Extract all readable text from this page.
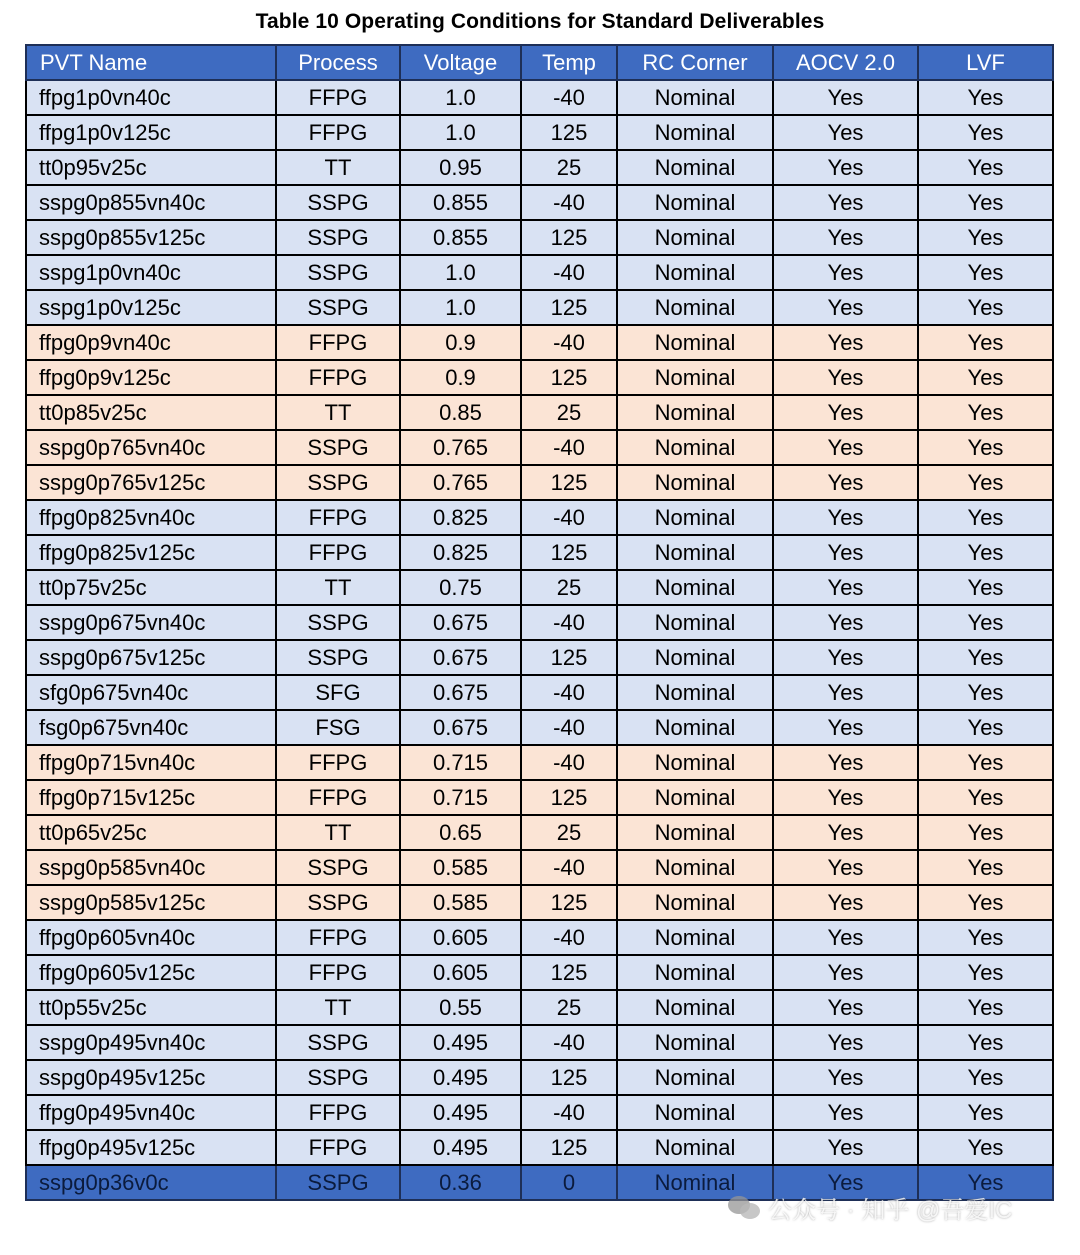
Table 10 Operating Conditions for Standard Deliverables
PVT Name	Process	Voltage	Temp	RC Corner	AOCV 2.0	LVF
ffpg1p0vn40c	FFPG	1.0	-40	Nominal	Yes	Yes
ffpg1p0v125c	FFPG	1.0	125	Nominal	Yes	Yes
tt0p95v25c	TT	0.95	25	Nominal	Yes	Yes
sspg0p855vn40c	SSPG	0.855	-40	Nominal	Yes	Yes
sspg0p855v125c	SSPG	0.855	125	Nominal	Yes	Yes
sspg1p0vn40c	SSPG	1.0	-40	Nominal	Yes	Yes
sspg1p0v125c	SSPG	1.0	125	Nominal	Yes	Yes
ffpg0p9vn40c	FFPG	0.9	-40	Nominal	Yes	Yes
ffpg0p9v125c	FFPG	0.9	125	Nominal	Yes	Yes
tt0p85v25c	TT	0.85	25	Nominal	Yes	Yes
sspg0p765vn40c	SSPG	0.765	-40	Nominal	Yes	Yes
sspg0p765v125c	SSPG	0.765	125	Nominal	Yes	Yes
ffpg0p825vn40c	FFPG	0.825	-40	Nominal	Yes	Yes
ffpg0p825v125c	FFPG	0.825	125	Nominal	Yes	Yes
tt0p75v25c	TT	0.75	25	Nominal	Yes	Yes
sspg0p675vn40c	SSPG	0.675	-40	Nominal	Yes	Yes
sspg0p675v125c	SSPG	0.675	125	Nominal	Yes	Yes
sfg0p675vn40c	SFG	0.675	-40	Nominal	Yes	Yes
fsg0p675vn40c	FSG	0.675	-40	Nominal	Yes	Yes
ffpg0p715vn40c	FFPG	0.715	-40	Nominal	Yes	Yes
ffpg0p715v125c	FFPG	0.715	125	Nominal	Yes	Yes
tt0p65v25c	TT	0.65	25	Nominal	Yes	Yes
sspg0p585vn40c	SSPG	0.585	-40	Nominal	Yes	Yes
sspg0p585v125c	SSPG	0.585	125	Nominal	Yes	Yes
ffpg0p605vn40c	FFPG	0.605	-40	Nominal	Yes	Yes
ffpg0p605v125c	FFPG	0.605	125	Nominal	Yes	Yes
tt0p55v25c	TT	0.55	25	Nominal	Yes	Yes
sspg0p495vn40c	SSPG	0.495	-40	Nominal	Yes	Yes
sspg0p495v125c	SSPG	0.495	125	Nominal	Yes	Yes
ffpg0p495vn40c	FFPG	0.495	-40	Nominal	Yes	Yes
ffpg0p495v125c	FFPG	0.495	125	Nominal	Yes	Yes
sspg0p36v0c	SSPG	0.36	0	Nominal	Yes	Yes
公众号 · 知乎 @吾爱IC
